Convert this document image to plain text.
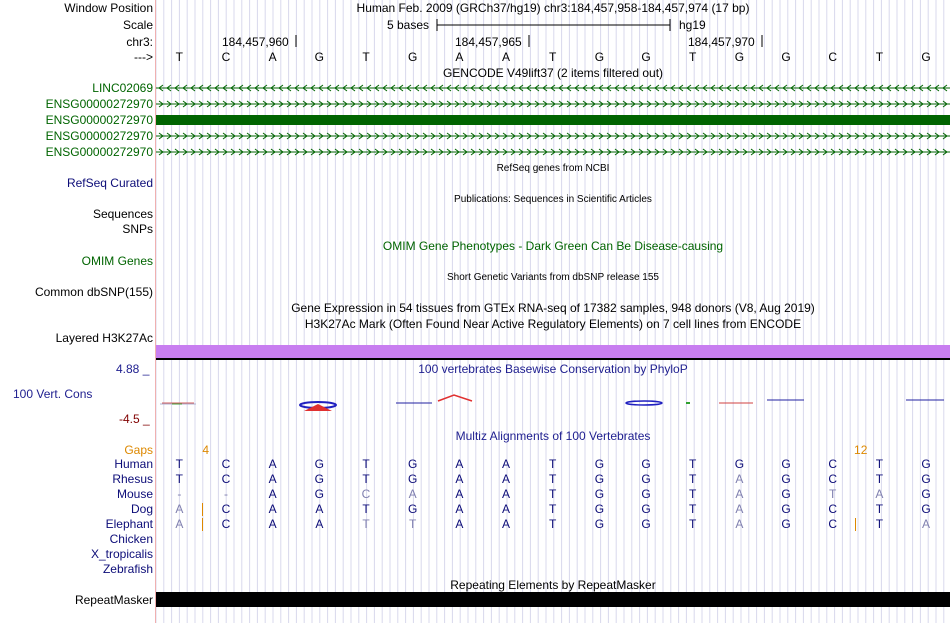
Window Position	Human Feb. 2009 (GRCh37/hg19) chr3:184,457,958-184,457,974 (17 bp)
Scale	5 bases	hg19
chr3:	184,457,960	184,457,965	184,457,970
---> T	C	A	G	T	G	A	A	T	G	G	T	G	G	C	T	G
GENCODE V49lift37 (2 items filtered out)
LINC02069
ENSG00000272970
ENSG00000272970
ENSG00000272970
ENSG00000272970
RefSeq genes from NCBI
RefSeq Curated
Publications: Sequences in Scientific Articles
Sequences
SNPs
OMIM Gene Phenotypes - Dark Green Can Be Disease-causing
OMIM Genes
Short Genetic Variants from dbSNP release 155
Common dbSNP(155)
Gene Expression in 54 tissues from GTEx RNA-seq of 17382 samples, 948 donors (V8, Aug 2019)
H3K27Ac Mark (Often Found Near Active Regulatory Elements) on 7 cell lines from ENCODE
Layered H3K27Ac
4.88 _	100 vertebrates Basewise Conservation by PhyloP
100 Vert. Cons
-4.5 _
Multiz Alignments of 100 Vertebrates
Gaps	4	12
Human T	C	A	G	T	G	A	A	T	G	G	T	G	G	C	T	G
Rhesus T	C	A	G	T	G	A	A	T	G	G	T	A	G	C	T	G
Mouse -	-	A	G	C	A	A	A	T	G	G	T	A	G	T	A	G
Dog A	C	A	A	T	G	A	A	T	G	G	T	A	G	C	T	G
Elephant A	C	A	A	T	T	A	A	T	G	G	T	A	G	C	T	A
Chicken
X_tropicalis
Zebrafish
Repeating Elements by RepeatMasker
RepeatMasker
